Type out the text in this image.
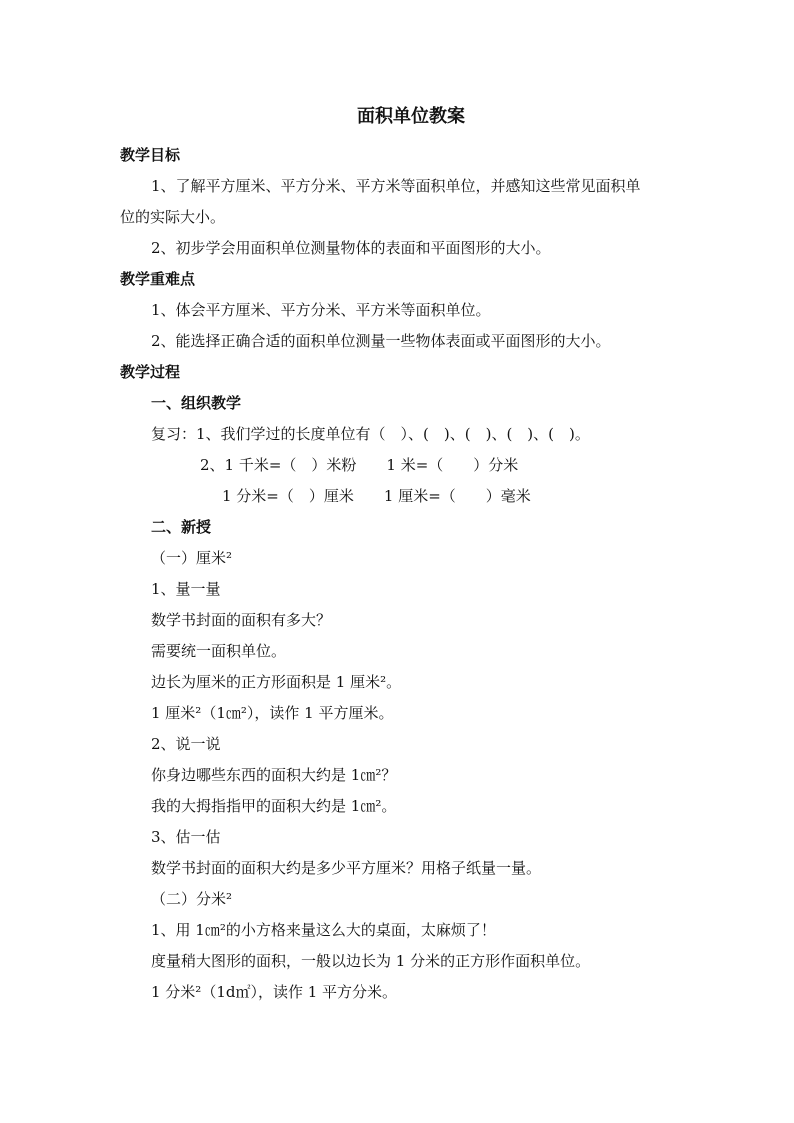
面积单位教案
教学目标
1、了解平方厘米、平方分米、平方米等面积单位，并感知这些常见面积单
位的实际大小。
2、初步学会用面积单位测量物体的表面和平面图形的大小。
教学重难点
1、体会平方厘米、平方分米、平方米等面积单位。
2、能选择正确合适的面积单位测量一些物体表面或平面图形的大小。
教学过程
一、组织教学
复习：1、我们学过的长度单位有（　）、(　)、(　)、(　)、(　)。
2、1 千米=（　）米粉　　1 米=（　　）分米
1 分米=（　）厘米　　1 厘米=（　　）毫米
二、新授
（一）厘米²
1、量一量
数学书封面的面积有多大？
需要统一面积单位。
边长为厘米的正方形面积是 1 厘米²。
1 厘米²（1㎝²），读作 1 平方厘米。
2、说一说
你身边哪些东西的面积大约是 1㎝²？
我的大拇指指甲的面积大约是 1㎝²。
3、估一估
数学书封面的面积大约是多少平方厘米？用格子纸量一量。
（二）分米²
1、用 1㎝²的小方格来量这么大的桌面，太麻烦了！
度量稍大图形的面积，一般以边长为 1 分米的正方形作面积单位。
1 分米²（1d㎡），读作 1 平方分米。
